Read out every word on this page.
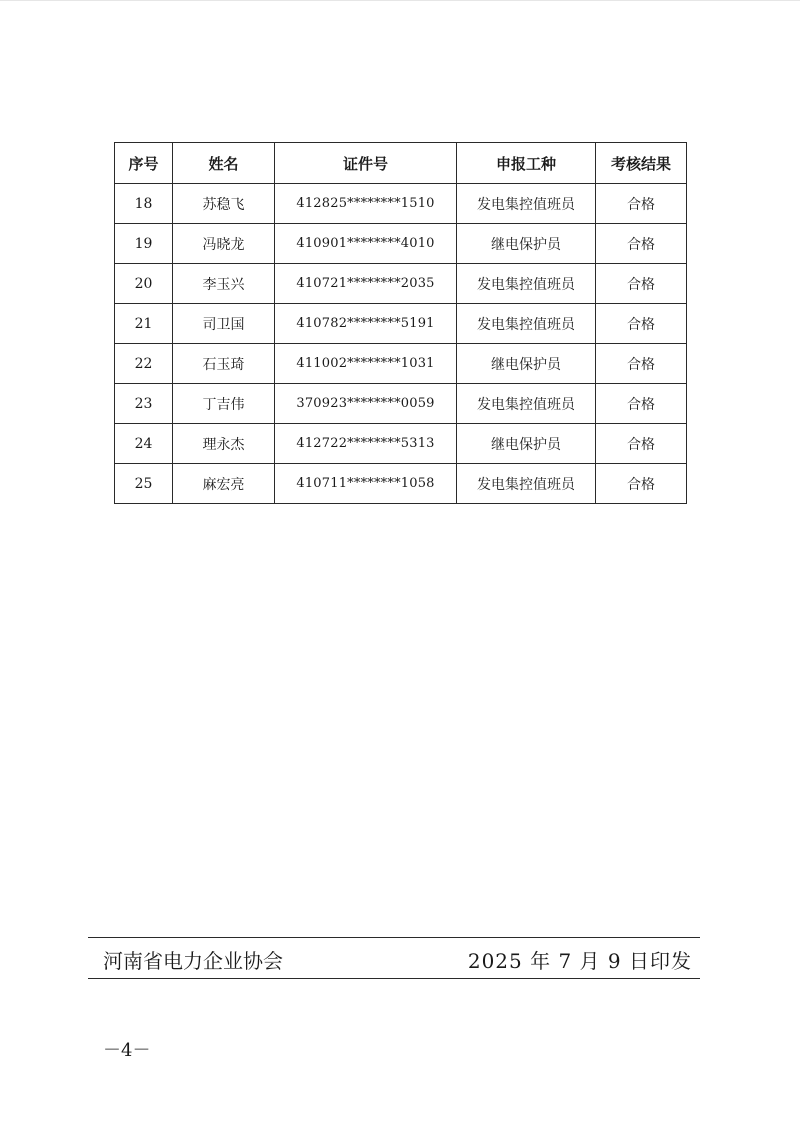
序号	姓名	证件号	申报工种	考核结果
18	苏稳飞	412825********1510	发电集控值班员	合格
19	冯晓龙	410901********4010	继电保护员	合格
20	李玉兴	410721********2035	发电集控值班员	合格
21	司卫国	410782********5191	发电集控值班员	合格
22	石玉琦	411002********1031	继电保护员	合格
23	丁吉伟	370923********0059	发电集控值班员	合格
24	理永杰	412722********5313	继电保护员	合格
25	麻宏亮	410711********1058	发电集控值班员	合格
河南省电力企业协会	2025 年 7 月 9 日印发
－4－
